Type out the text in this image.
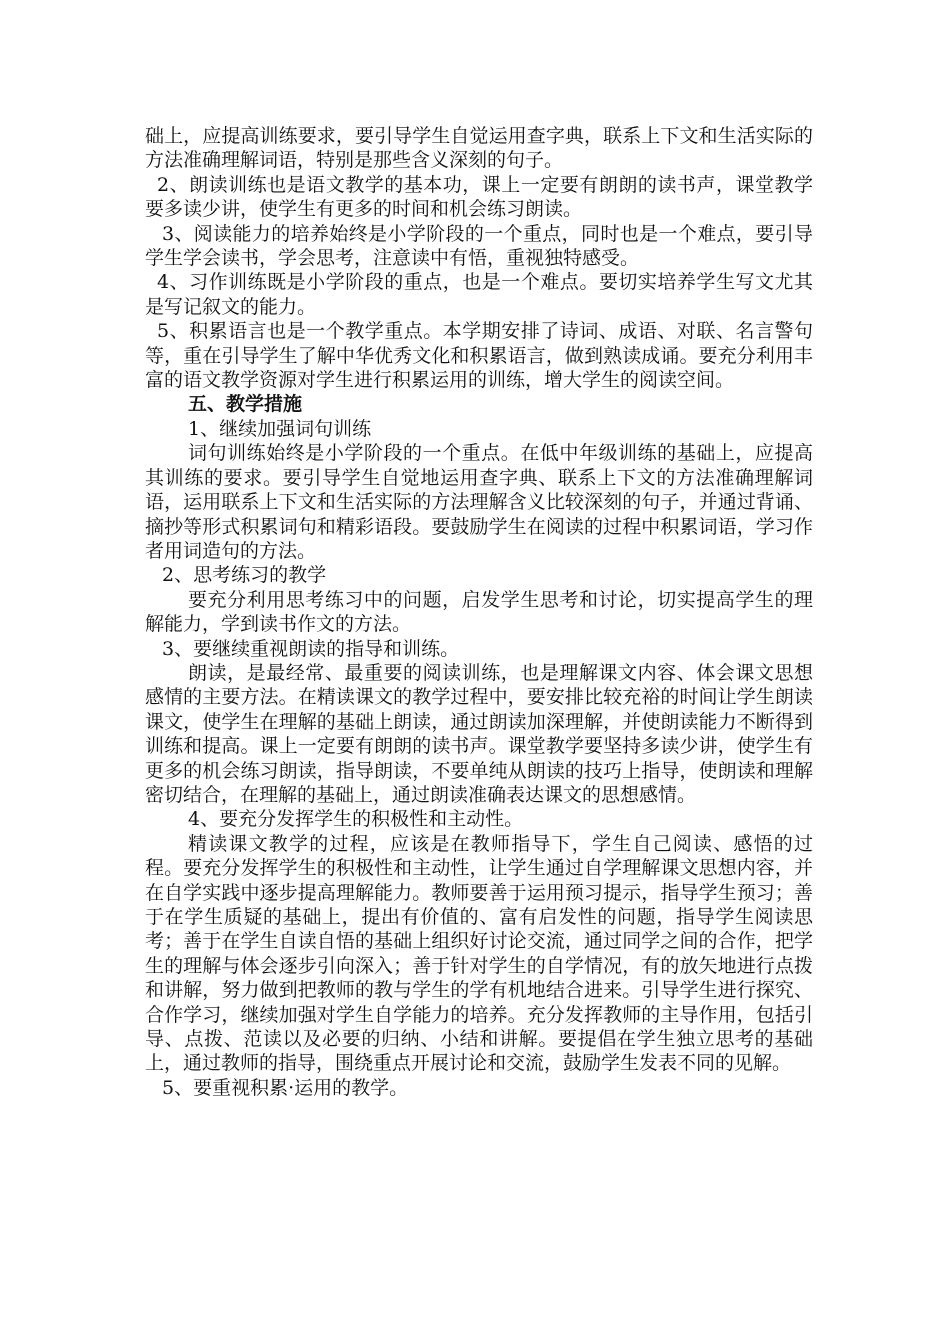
础上，应提高训练要求，要引导学生自觉运用查字典，联系上下文和生活实际的方法准确理解词语，特别是那些含义深刻的句子。

2、朗读训练也是语文教学的基本功，课上一定要有朗朗的读书声，课堂教学要多读少讲，使学生有更多的时间和机会练习朗读。

3、阅读能力的培养始终是小学阶段的一个重点，同时也是一个难点，要引导学生学会读书，学会思考，注意读中有悟，重视独特感受。

4、习作训练既是小学阶段的重点，也是一个难点。要切实培养学生写文尤其是写记叙文的能力。

5、积累语言也是一个教学重点。本学期安排了诗词、成语、对联、名言警句等，重在引导学生了解中华优秀文化和积累语言，做到熟读成诵。要充分利用丰富的语文教学资源对学生进行积累运用的训练，增大学生的阅读空间。

五、教学措施

1、继续加强词句训练

词句训练始终是小学阶段的一个重点。在低中年级训练的基础上，应提高其训练的要求。要引导学生自觉地运用查字典、联系上下文的方法准确理解词语，运用联系上下文和生活实际的方法理解含义比较深刻的句子，并通过背诵、摘抄等形式积累词句和精彩语段。要鼓励学生在阅读的过程中积累词语，学习作者用词造句的方法。

2、思考练习的教学

要充分利用思考练习中的问题，启发学生思考和讨论，切实提高学生的理解能力，学到读书作文的方法。

3、要继续重视朗读的指导和训练。

朗读，是最经常、最重要的阅读训练，也是理解课文内容、体会课文思想感情的主要方法。在精读课文的教学过程中，要安排比较充裕的时间让学生朗读课文，使学生在理解的基础上朗读，通过朗读加深理解，并使朗读能力不断得到训练和提高。课上一定要有朗朗的读书声。课堂教学要坚持多读少讲，使学生有更多的机会练习朗读，指导朗读，不要单纯从朗读的技巧上指导，使朗读和理解密切结合，在理解的基础上，通过朗读准确表达课文的思想感情。

4、要充分发挥学生的积极性和主动性。

精读课文教学的过程，应该是在教师指导下，学生自己阅读、感悟的过程。要充分发挥学生的积极性和主动性，让学生通过自学理解课文思想内容，并在自学实践中逐步提高理解能力。教师要善于运用预习提示，指导学生预习；善于在学生质疑的基础上，提出有价值的、富有启发性的问题，指导学生阅读思考；善于在学生自读自悟的基础上组织好讨论交流，通过同学之间的合作，把学生的理解与体会逐步引向深入；善于针对学生的自学情况，有的放矢地进行点拨和讲解，努力做到把教师的教与学生的学有机地结合进来。引导学生进行探究、合作学习，继续加强对学生自学能力的培养。充分发挥教师的主导作用，包括引导、点拨、范读以及必要的归纳、小结和讲解。要提倡在学生独立思考的基础上，通过教师的指导，围绕重点开展讨论和交流，鼓励学生发表不同的见解。

5、要重视积累·运用的教学。
